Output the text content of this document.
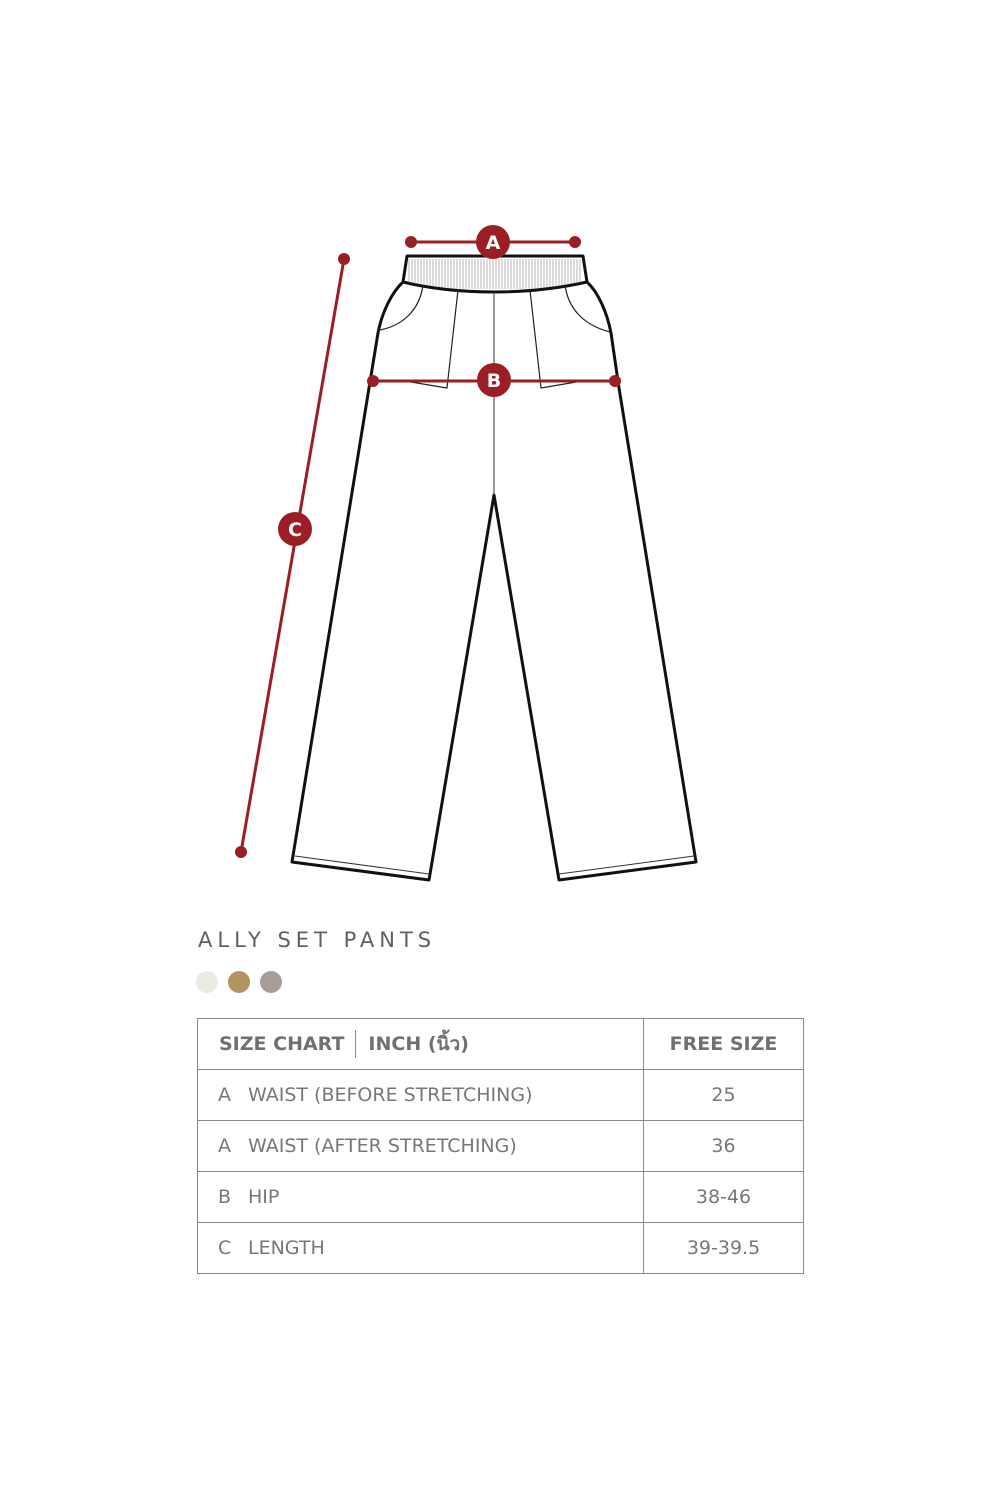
A
B
C
ALLY SET PANTS
SIZE CHART INCH (นิ้ว)	FREE SIZE

A WAIST (BEFORE STRETCHING)	25

A WAIST (AFTER STRETCHING)	36

B HIP	38-46

C LENGTH	39-39.5
